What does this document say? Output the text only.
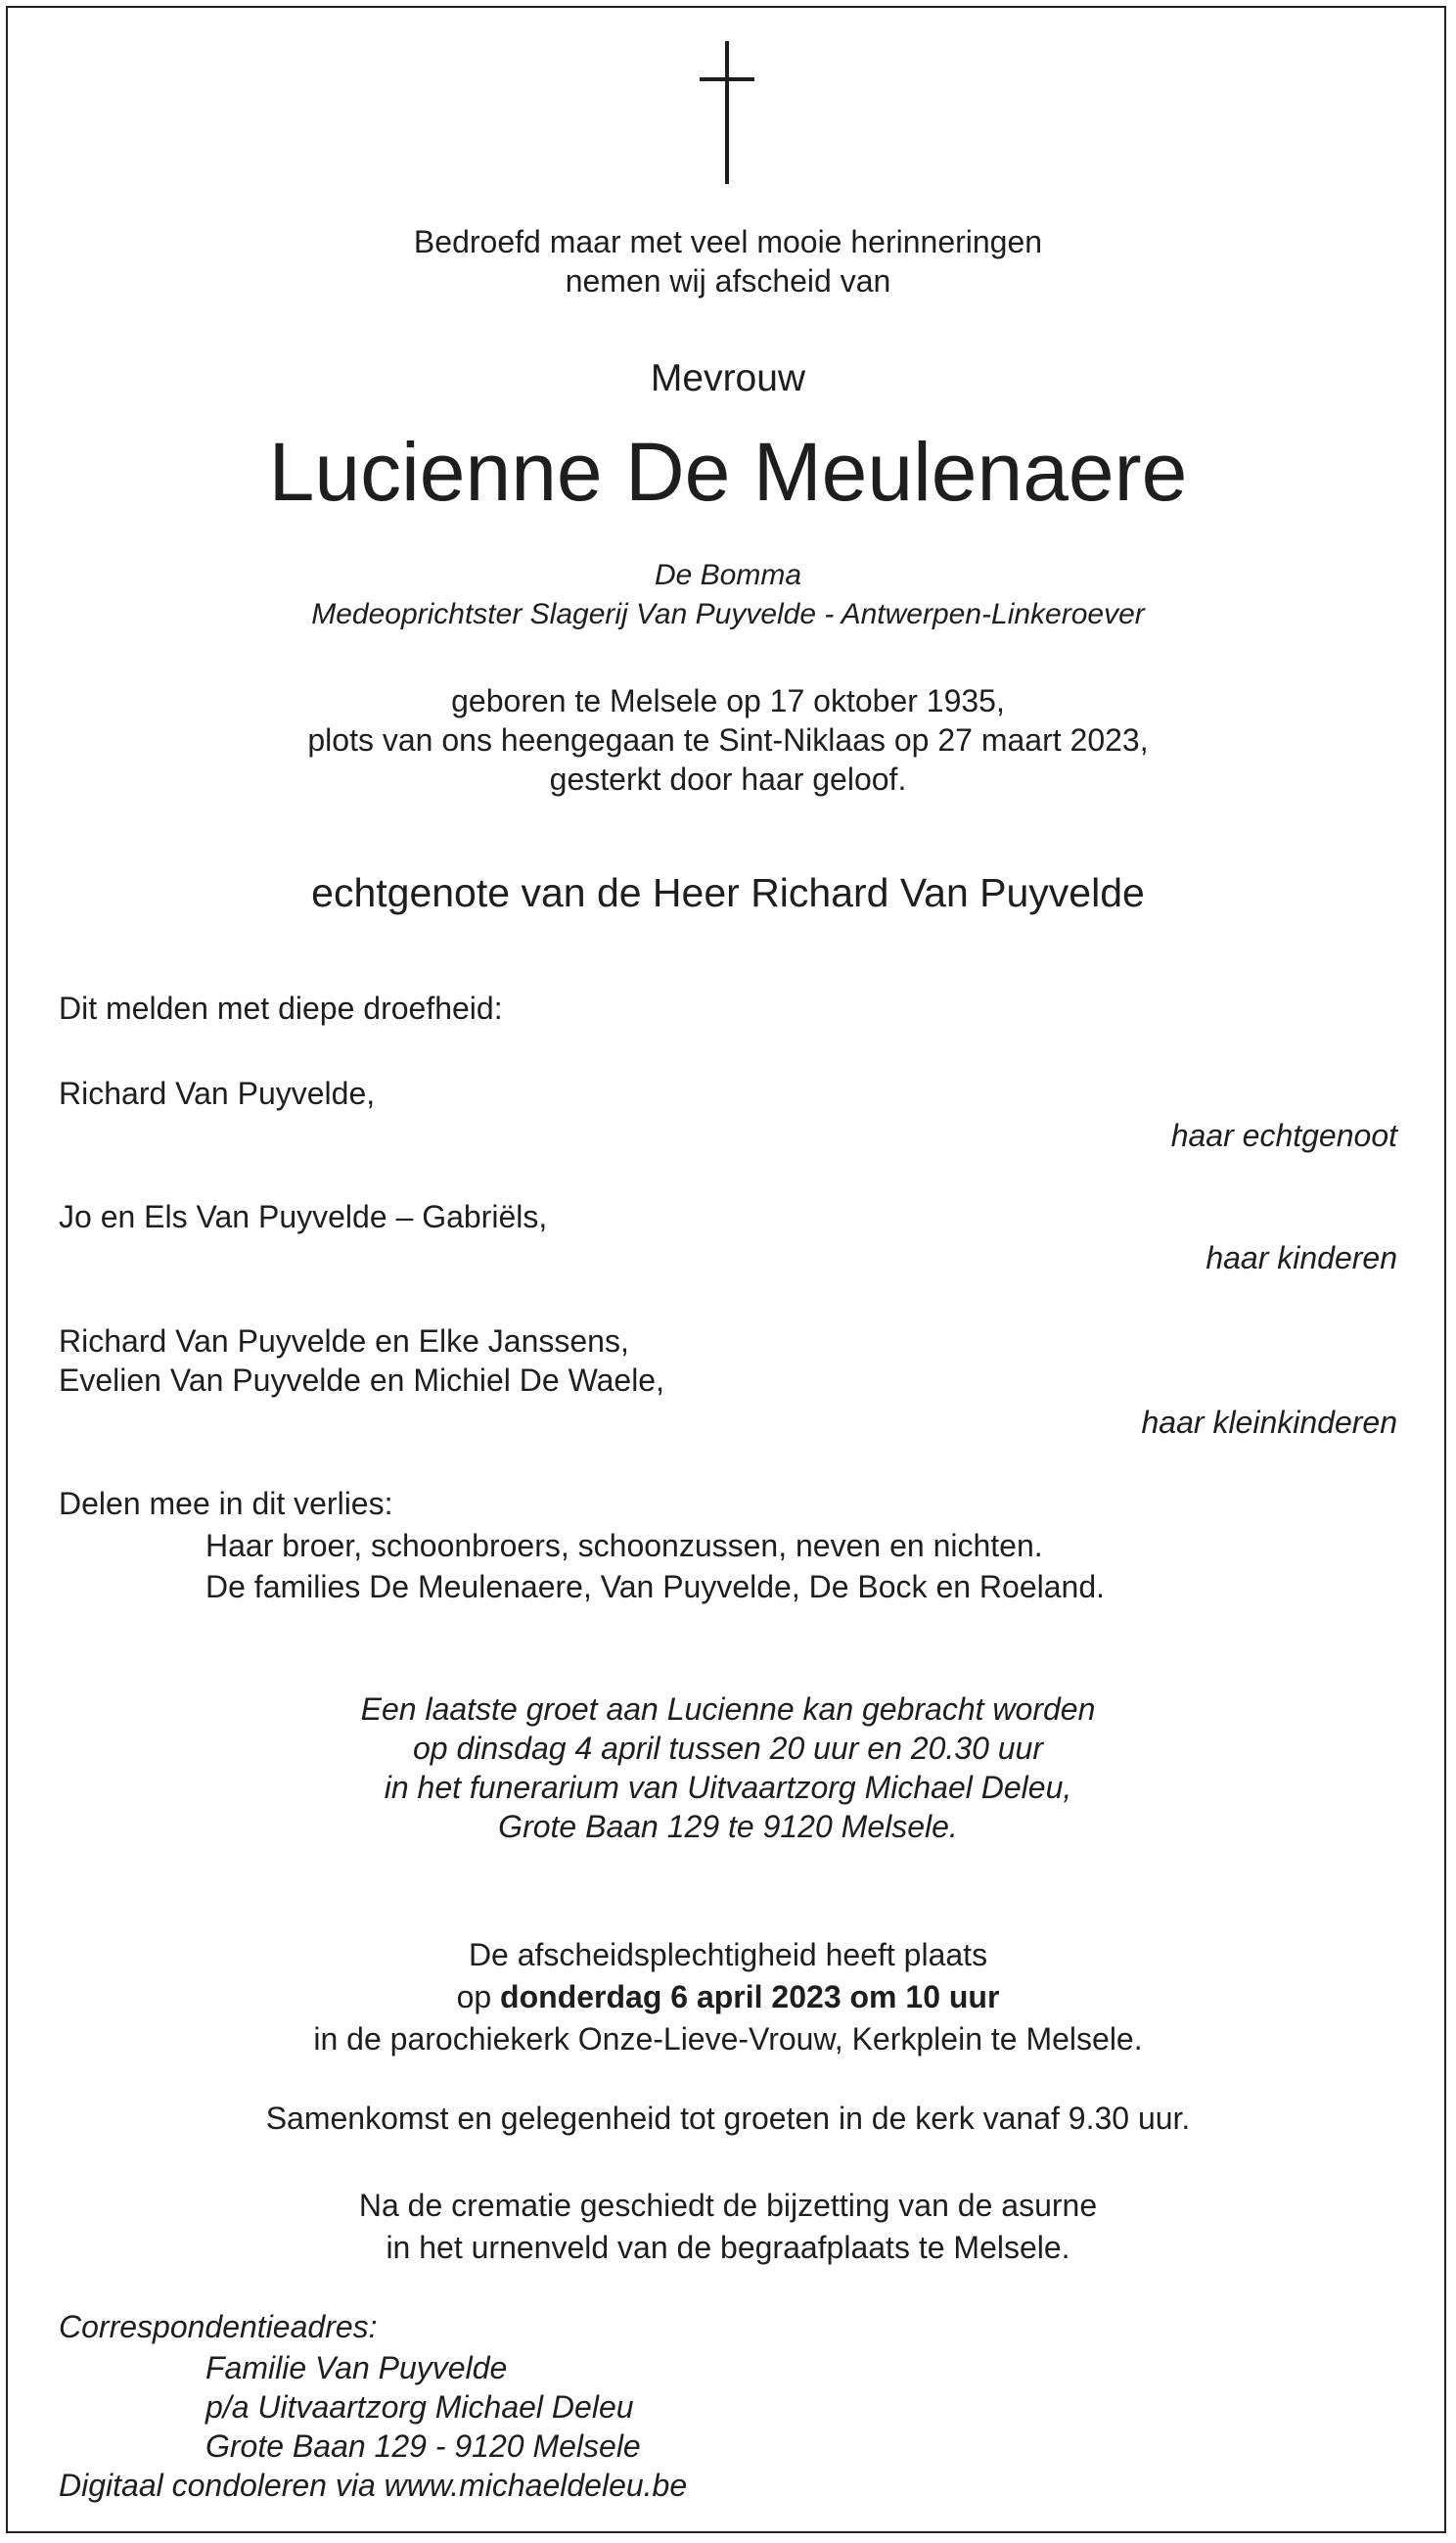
Bedroefd maar met veel mooie herinneringen
nemen wij afscheid van
Mevrouw
Lucienne De Meulenaere
De Bomma
Medeoprichtster Slagerij Van Puyvelde - Antwerpen-Linkeroever
geboren te Melsele op 17 oktober 1935,
plots van ons heengegaan te Sint-Niklaas op 27 maart 2023,
gesterkt door haar geloof.
echtgenote van de Heer Richard Van Puyvelde
Dit melden met diepe droefheid:
Richard Van Puyvelde,
haar echtgenoot
Jo en Els Van Puyvelde – Gabriëls,
haar kinderen
Richard Van Puyvelde en Elke Janssens,
Evelien Van Puyvelde en Michiel De Waele,
haar kleinkinderen
Delen mee in dit verlies:
Haar broer, schoonbroers, schoonzussen, neven en nichten.
De families De Meulenaere, Van Puyvelde, De Bock en Roeland.
Een laatste groet aan Lucienne kan gebracht worden
op dinsdag 4 april tussen 20 uur en 20.30 uur
in het funerarium van Uitvaartzorg Michael Deleu,
Grote Baan 129 te 9120 Melsele.
De afscheidsplechtigheid heeft plaats
op donderdag 6 april 2023 om 10 uur
in de parochiekerk Onze-Lieve-Vrouw, Kerkplein te Melsele.
Samenkomst en gelegenheid tot groeten in de kerk vanaf 9.30 uur.
Na de crematie geschiedt de bijzetting van de asurne
in het urnenveld van de begraafplaats te Melsele.
Correspondentieadres:
Familie Van Puyvelde
p/a Uitvaartzorg Michael Deleu
Grote Baan 129 - 9120 Melsele
Digitaal condoleren via www.michaeldeleu.be
